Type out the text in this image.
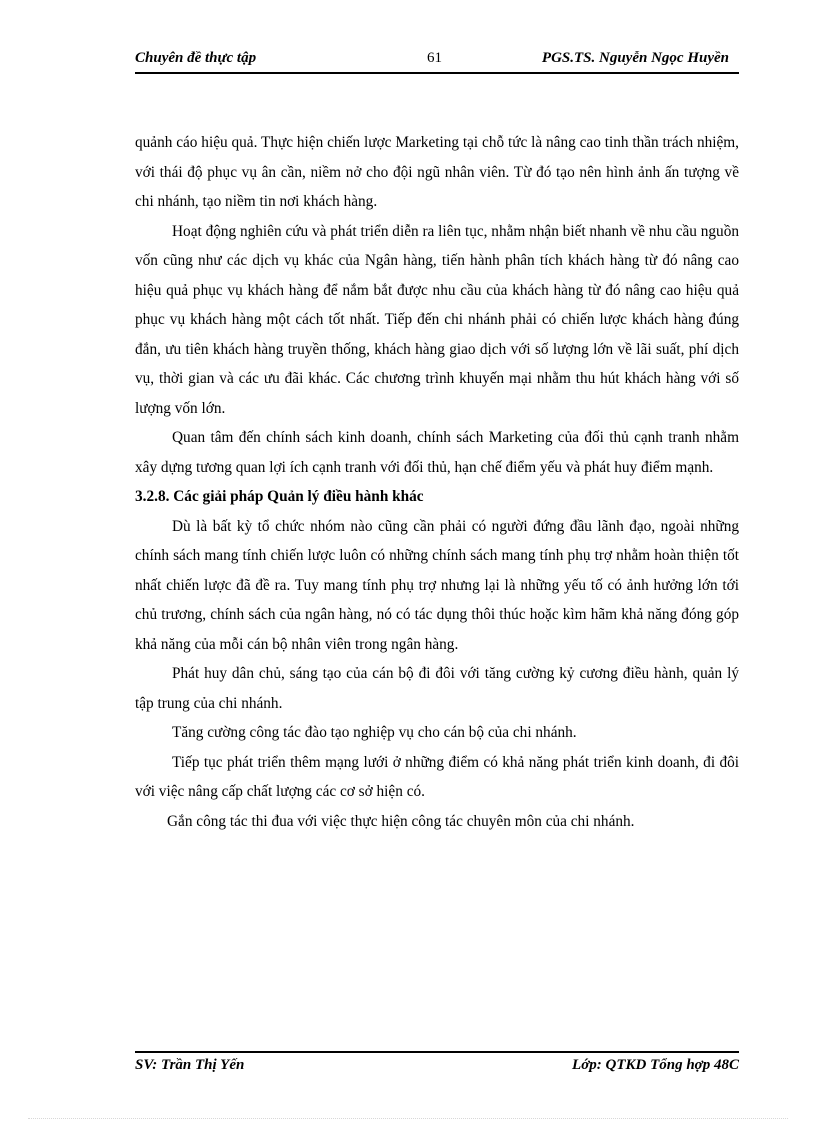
Chuyên đề thực tập	61	PGS.TS. Nguyễn Ngọc Huyền

quảnh cáo hiệu quả. Thực hiện chiến lược Marketing tại chỗ tức là nâng cao tinh thần trách nhiệm, với thái độ phục vụ ân cần, niềm nở cho đội ngũ nhân viên. Từ đó tạo nên hình ảnh ấn tượng về chi nhánh, tạo niềm tin nơi khách hàng.

Hoạt động nghiên cứu và phát triển diễn ra liên tục, nhằm nhận biết nhanh về nhu cầu nguồn vốn cũng như các dịch vụ khác của Ngân hàng, tiến hành phân tích khách hàng từ đó nâng cao hiệu quả phục vụ khách hàng để nắm bắt được nhu cầu của khách hàng từ đó nâng cao hiệu quả phục vụ khách hàng một cách tốt nhất. Tiếp đến chi nhánh phải có chiến lược khách hàng đúng đắn, ưu tiên khách hàng truyền thống, khách hàng giao dịch với số lượng lớn về lãi suất, phí dịch vụ, thời gian và các ưu đãi khác. Các chương trình khuyến mại nhằm thu hút khách hàng với số lượng vốn lớn.

Quan tâm đến chính sách kinh doanh, chính sách Marketing của đối thủ cạnh tranh nhằm xây dựng tương quan lợi ích cạnh tranh với đối thủ, hạn chế điểm yếu và phát huy điểm mạnh.

3.2.8. Các giải pháp Quản lý điều hành khác

Dù là bất kỳ tổ chức nhóm nào cũng cần phải có người đứng đầu lãnh đạo, ngoài những chính sách mang tính chiến lược luôn có những chính sách mang tính phụ trợ nhằm hoàn thiện tốt nhất chiến lược đã đề ra. Tuy mang tính phụ trợ nhưng lại là những yếu tố có ảnh hưởng lớn tới chủ trương, chính sách của ngân hàng, nó có tác dụng thôi thúc hoặc kìm hãm khả năng đóng góp khả năng của mỗi cán bộ nhân viên trong ngân hàng.

Phát huy dân chủ, sáng tạo của cán bộ đi đôi với tăng cường kỷ cương điều hành, quản lý tập trung của chi nhánh.

Tăng cường công tác đào tạo nghiệp vụ cho cán bộ của chi nhánh.

Tiếp tục phát triển thêm mạng lưới ở những điểm có khả năng phát triển kinh doanh, đi đôi với việc nâng cấp chất lượng các cơ sở hiện có.

Gắn công tác thi đua với việc thực hiện công tác chuyên môn của chi nhánh.

SV: Trần Thị Yến	Lớp: QTKD Tổng hợp 48C
